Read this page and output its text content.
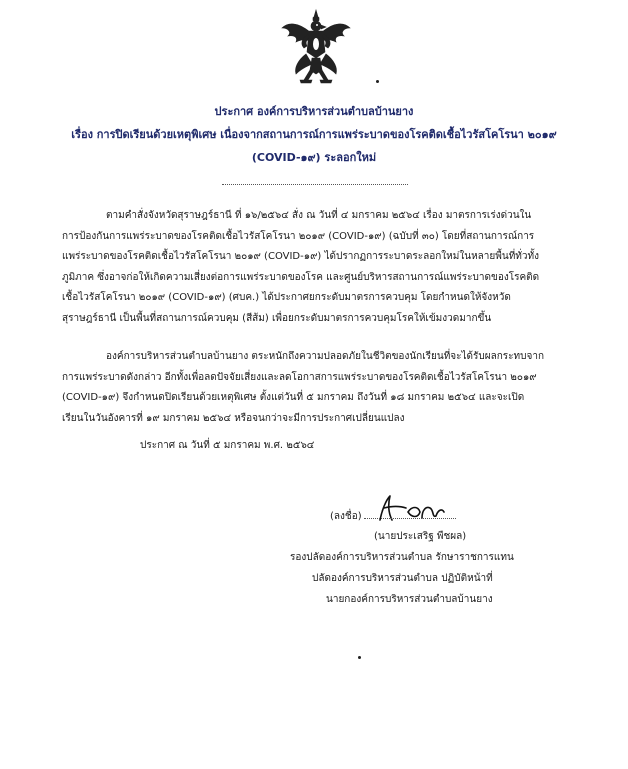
ประกาศ องค์การบริหารส่วนตำบลบ้านยาง
เรื่อง การปิดเรียนด้วยเหตุพิเศษ เนื่องจากสถานการณ์การแพร่ระบาดของโรคติดเชื้อไวรัสโคโรนา ๒๐๑๙
(COVID-๑๙) ระลอกใหม่
ตามคำสั่งจังหวัดสุราษฎร์ธานี ที่ ๑๖/๒๕๖๔ สั่ง ณ วันที่ ๔ มกราคม ๒๕๖๔ เรื่อง มาตรการเร่งด่วนใน
การป้องกันการแพร่ระบาดของโรคติดเชื้อไวรัสโคโรนา ๒๐๑๙ (COVID-๑๙) (ฉบับที่ ๓๐) โดยที่สถานการณ์การ
แพร่ระบาดของโรคติดเชื้อไวรัสโคโรนา ๒๐๑๙ (COVID-๑๙) ได้ปรากฏการระบาดระลอกใหม่ในหลายพื้นที่ทั่วทั้ง
ภูมิภาค ซึ่งอาจก่อให้เกิดความเสี่ยงต่อการแพร่ระบาดของโรค และศูนย์บริหารสถานการณ์แพร่ระบาดของโรคติด
เชื้อไวรัสโคโรนา ๒๐๑๙ (COVID-๑๙) (ศบค.) ได้ประกาศยกระดับมาตรการควบคุม โดยกำหนดให้จังหวัด
สุราษฎร์ธานี เป็นพื้นที่สถานการณ์ควบคุม (สีส้ม) เพื่อยกระดับมาตรการควบคุมโรคให้เข้มงวดมากขึ้น
องค์การบริหารส่วนตำบลบ้านยาง ตระหนักถึงความปลอดภัยในชีวิตของนักเรียนที่จะได้รับผลกระทบจาก
การแพร่ระบาดดังกล่าว อีกทั้งเพื่อลดปัจจัยเสี่ยงและลดโอกาสการแพร่ระบาดของโรคติดเชื้อไวรัสโคโรนา ๒๐๑๙
(COVID-๑๙) จึงกำหนดปิดเรียนด้วยเหตุพิเศษ ตั้งแต่วันที่ ๕ มกราคม ถึงวันที่ ๑๘ มกราคม ๒๕๖๔ และจะเปิด
เรียนในวันอังคารที่ ๑๙ มกราคม ๒๕๖๔ หรือจนกว่าจะมีการประกาศเปลี่ยนแปลง
ประกาศ ณ วันที่ ๕ มกราคม พ.ศ. ๒๕๖๔
(ลงชื่อ)
(นายประเสริฐ พืชผล)
รองปลัดองค์การบริหารส่วนตำบล รักษาราชการแทน
ปลัดองค์การบริหารส่วนตำบล ปฏิบัติหน้าที่
นายกองค์การบริหารส่วนตำบลบ้านยาง
